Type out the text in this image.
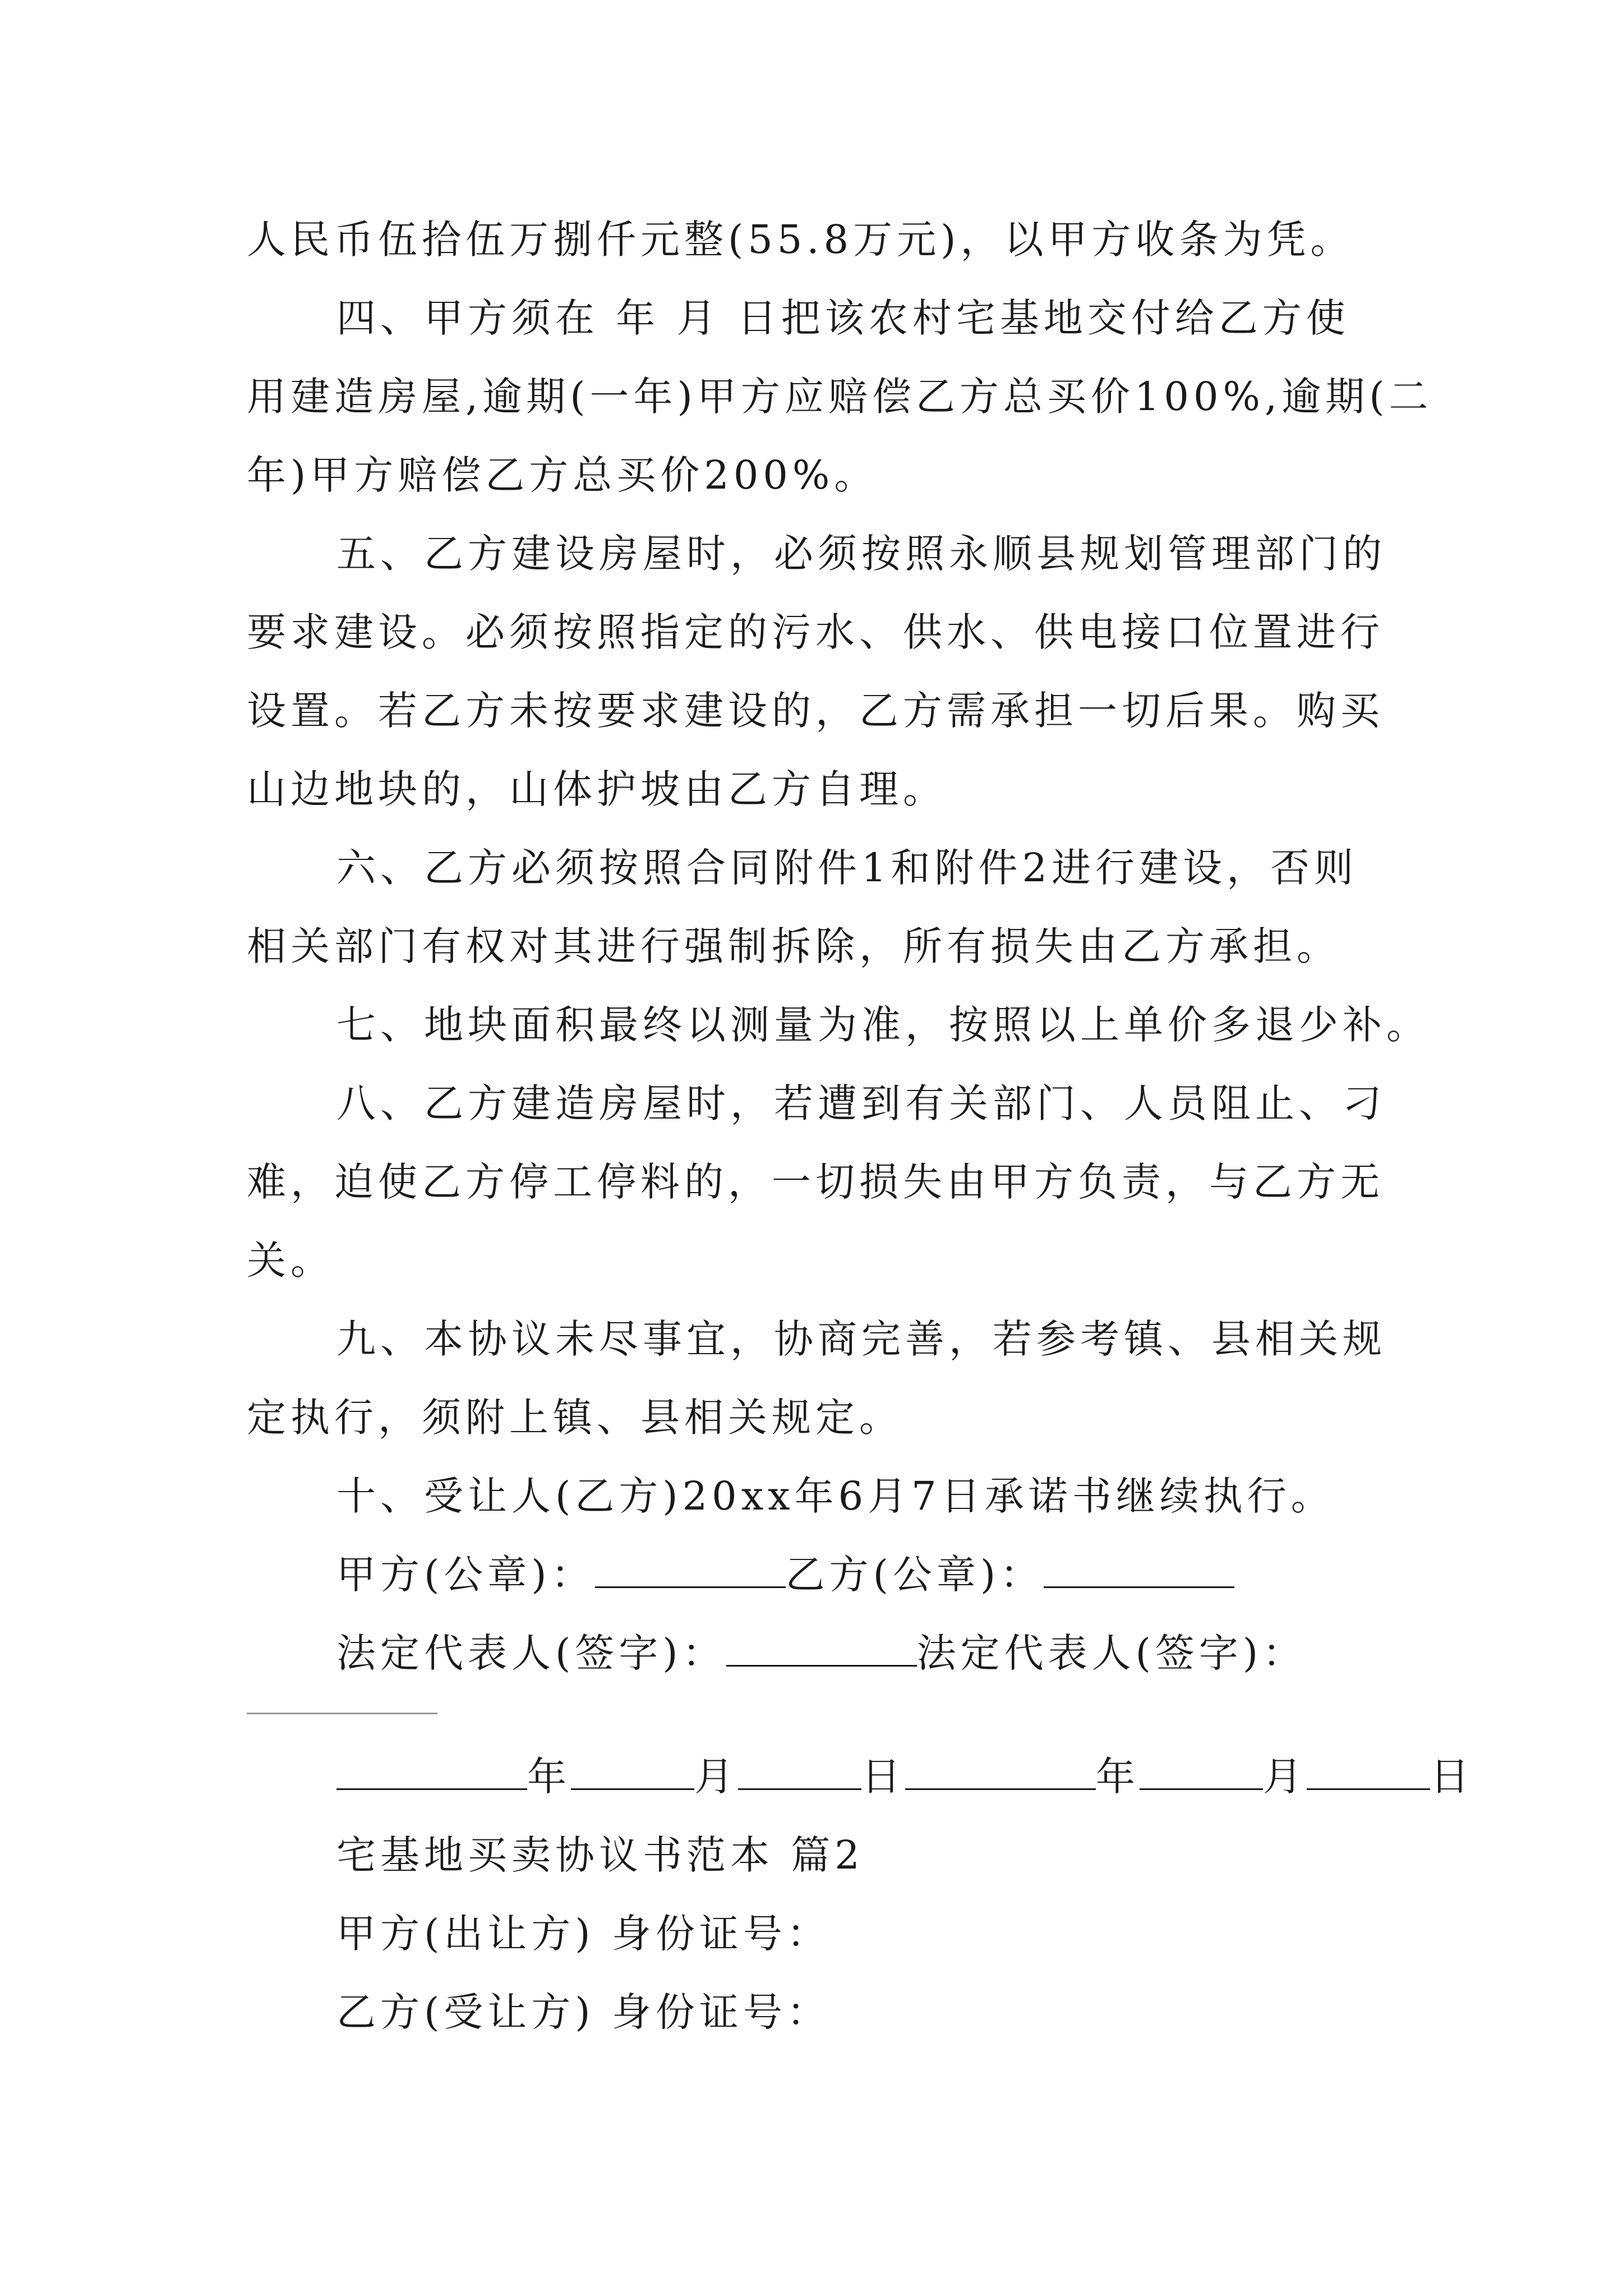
人民币伍拾伍万捌仟元整(55.8万元)，以甲方收条为凭。
四、甲方须在 年 月 日把该农村宅基地交付给乙方使
用建造房屋,逾期(一年)甲方应赔偿乙方总买价100%,逾期(二
年)甲方赔偿乙方总买价200%。
五、乙方建设房屋时，必须按照永顺县规划管理部门的
要求建设。必须按照指定的污水、供水、供电接口位置进行
设置。若乙方未按要求建设的，乙方需承担一切后果。购买
山边地块的，山体护坡由乙方自理。
六、乙方必须按照合同附件1和附件2进行建设，否则
相关部门有权对其进行强制拆除，所有损失由乙方承担。
七、地块面积最终以测量为准，按照以上单价多退少补。
八、乙方建造房屋时，若遭到有关部门、人员阻止、刁
难，迫使乙方停工停料的，一切损失由甲方负责，与乙方无
关。
九、本协议未尽事宜，协商完善，若参考镇、县相关规
定执行，须附上镇、县相关规定。
十、受让人(乙方)20xx年6月7日承诺书继续执行。
甲方(公章)：	乙方(公章)：
法定代表人(签字)：	法定代表人(签字)：
年	月	日	年	月	日
宅基地买卖协议书范本 篇2
甲方(出让方) 身份证号：
乙方(受让方) 身份证号：
